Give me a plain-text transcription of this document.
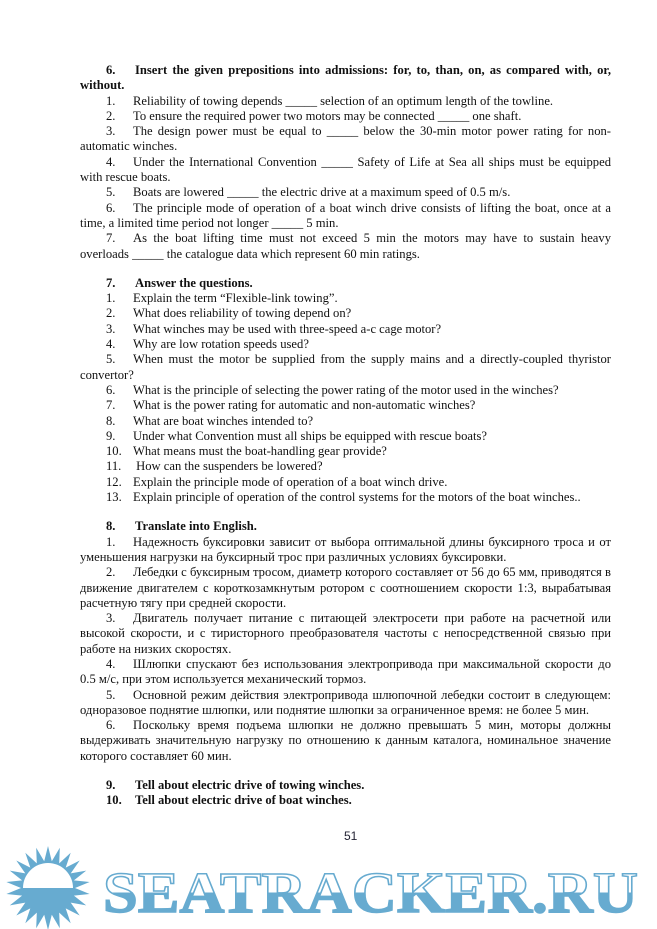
6. Insert the given prepositions into admissions: for, to, than, on, as compared with, or, without.

1. Reliability of towing depends _____ selection of an optimum length of the towline.

2. To ensure the required power two motors may be connected _____ one shaft.

3. The design power must be equal to _____ below the 30-min motor power rating for non-automatic winches.

4. Under the International Convention _____ Safety of Life at Sea all ships must be equipped with rescue boats.

5. Boats are lowered _____ the electric drive at a maximum speed of 0.5 m/s.

6. The principle mode of operation of a boat winch drive consists of lifting the boat, once at a time, a limited time period not longer _____ 5 min.

7. As the boat lifting time must not exceed 5 min the motors may have to sustain heavy overloads _____ the catalogue data which represent 60 min ratings.

7. Answer the questions.

1. Explain the term “Flexible-link towing”.

2. What does reliability of towing depend on?

3. What winches may be used with three-speed a-c cage motor?

4. Why are low rotation speeds used?

5. When must the motor be supplied from the supply mains and a directly-coupled thyristor convertor?

6. What is the principle of selecting the power rating of the motor used in the winches?

7. What is the power rating for automatic and non-automatic winches?

8. What are boat winches intended to?

9. Under what Convention must all ships be equipped with rescue boats?

10. What means must the boat-handling gear provide?

11. How can the suspenders be lowered?

12. Explain the principle mode of operation of a boat winch drive.

13. Explain principle of operation of the control systems for the motors of the boat winches..

8. Translate into English.

1. Надежность буксировки зависит от выбора оптимальной длины буксирного троса и от уменьшения нагрузки на буксирный трос при различных условиях буксировки.

2. Лебедки с буксирным тросом, диаметр которого составляет от 56 до 65 мм, приводятся в движение двигателем с короткозамкнутым ротором с соотношением скорости 1:3, вырабатывая расчетную тягу при средней скорости.

3. Двигатель получает питание с питающей электросети при работе на расчетной или высокой скорости, и с тиристорного преобразователя частоты с непосредственной связью при работе на низких скоростях.

4. Шлюпки спускают без использования электропривода при максимальной скорости до 0.5 м/с, при этом используется механический тормоз.

5. Основной режим действия электропривода шлюпочной лебедки состоит в следующем: одноразовое поднятие шлюпки, или поднятие шлюпки за ограниченное время: не более 5 мин.

6. Поскольку время подъема шлюпки не должно превышать 5 мин, моторы должны выдерживать значительную нагрузку по отношению к данным каталога, номинальное значение которого составляет 60 мин.

9. Tell about electric drive of towing winches.

10. Tell about electric drive of boat winches.

51
SEATRACKER.RU
